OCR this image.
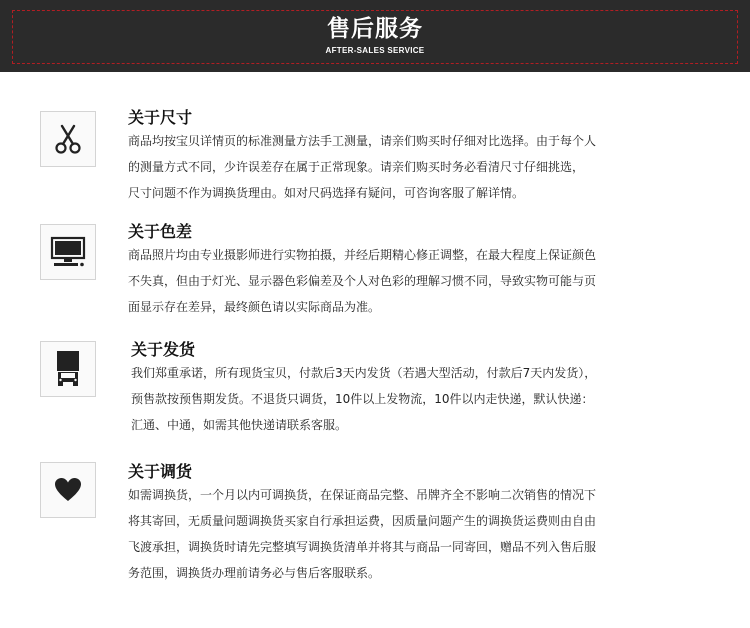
售后服务
AFTER-SALES SERVICE
关于尺寸
商品均按宝贝详情页的标准测量方法手工测量，请亲们购买时仔细对比选择。由于每个人
的测量方式不同，少许误差存在属于正常现象。请亲们购买时务必看清尺寸仔细挑选，
尺寸问题不作为调换货理由。如对尺码选择有疑问，可咨询客服了解详情。
关于色差
商品照片均由专业摄影师进行实物拍摄，并经后期精心修正调整，在最大程度上保证颜色
不失真，但由于灯光、显示器色彩偏差及个人对色彩的理解习惯不同，导致实物可能与页
面显示存在差异，最终颜色请以实际商品为准。
关于发货
我们郑重承诺，所有现货宝贝，付款后3天内发货（若遇大型活动，付款后7天内发货），
预售款按预售期发货。不退货只调货，10件以上发物流，10件以内走快递，默认快递：
汇通、中通，如需其他快递请联系客服。
关于调货
如需调换货，一个月以内可调换货，在保证商品完整、吊牌齐全不影响二次销售的情况下
将其寄回，无质量问题调换货买家自行承担运费，因质量问题产生的调换货运费则由自由
飞渡承担，调换货时请先完整填写调换货清单并将其与商品一同寄回，赠品不列入售后服
务范围，调换货办理前请务必与售后客服联系。
